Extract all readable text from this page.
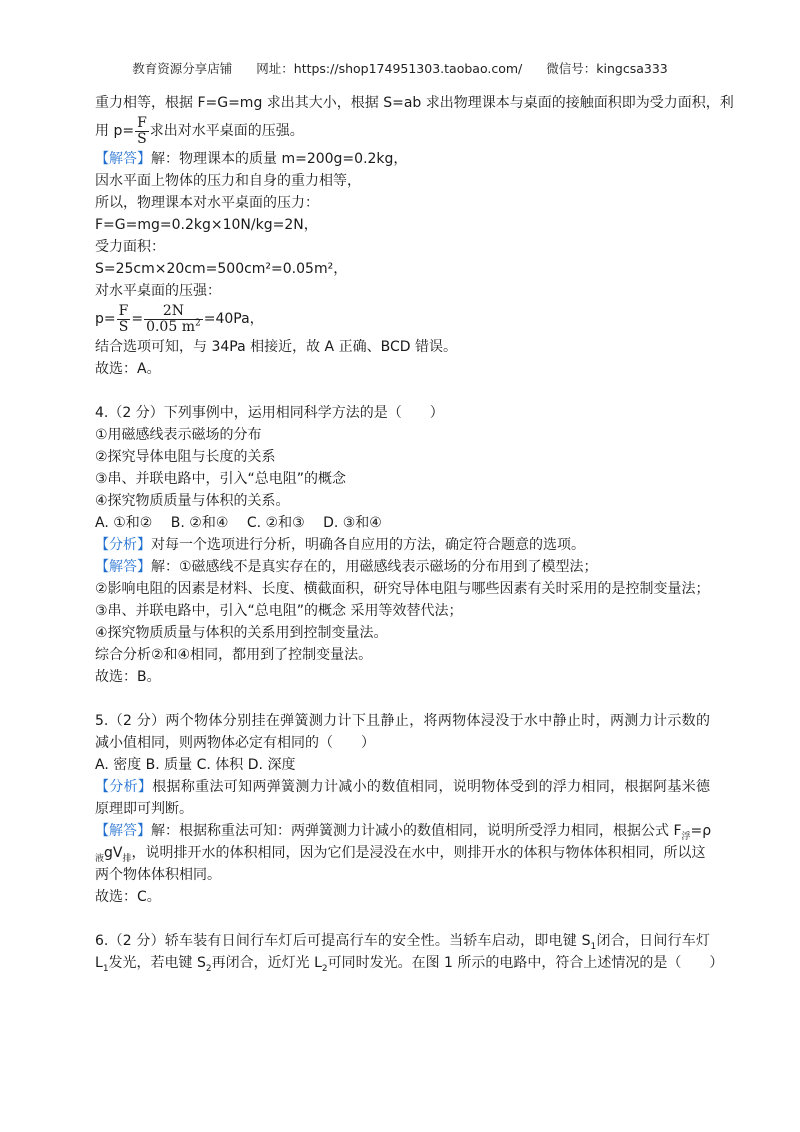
教育资源分享店铺 网址：https://shop174951303.taobao.com/ 微信号：kingcsa333
重力相等，根据 F=G=mg 求出其大小，根据 S=ab 求出物理课本与桌面的接触面积即为受力面积，利
用 $p= \frac{F}{S}$ 求出对水平桌面的压强。
【解答】解：物理课本的质量 m=200g=0.2kg，
因水平面上物体的压力和自身的重力相等，
所以，物理课本对水平桌面的压力：
F=G=mg=0.2kg×10N/kg=2N，
受力面积：
S=25cm×20cm=500cm²=0.05m²，
对水平桌面的压强：
$p= \frac{F}{S} = \frac{2N}{0.05 m^2} =40Pa$，
结合选项可知，与 34Pa 相接近，故 A 正确、BCD 错误。
故选：A。
4.（2 分）下列事例中，运用相同科学方法的是（　　）
①用磁感线表示磁场的分布
②探究导体电阻与长度的关系
③串、并联电路中，引入“总电阻”的概念
④探究物质质量与体积的关系。
A. ①和②　 B. ②和④　 C. ②和③　 D. ③和④
【分析】对每一个选项进行分析，明确各自应用的方法，确定符合题意的选项。
【解答】解：①磁感线不是真实存在的，用磁感线表示磁场的分布用到了模型法；
②影响电阻的因素是材料、长度、横截面积，研究导体电阻与哪些因素有关时采用的是控制变量法；
③串、并联电路中，引入“总电阻”的概念 采用等效替代法；
④探究物质质量与体积的关系用到控制变量法。
综合分析②和④相同，都用到了控制变量法。
故选：B。
5.（2 分）两个物体分别挂在弹簧测力计下且静止，将两物体浸没于水中静止时，两测力计示数的
减小值相同，则两物体必定有相同的（　　）
A. 密度 B. 质量 C. 体积 D. 深度
【分析】根据称重法可知两弹簧测力计减小的数值相同，说明物体受到的浮力相同，根据阿基米德
原理即可判断。
【解答】解：根据称重法可知：两弹簧测力计减小的数值相同，说明所受浮力相同，根据公式 $F_浮=\rho$
$_液gV_排$，说明排开水的体积相同，因为它们是浸没在水中，则排开水的体积与物体体积相同，所以这
两个物体体积相同。
故选：C。
6.（2 分）轿车装有日间行车灯后可提高行车的安全性。当轿车启动，即电键 $S_1$闭合，日间行车灯
$L_1$发光，若电键 $S_2$再闭合，近灯光 $L_2$可同时发光。在图 1 所示的电路中，符合上述情况的是（　　）
